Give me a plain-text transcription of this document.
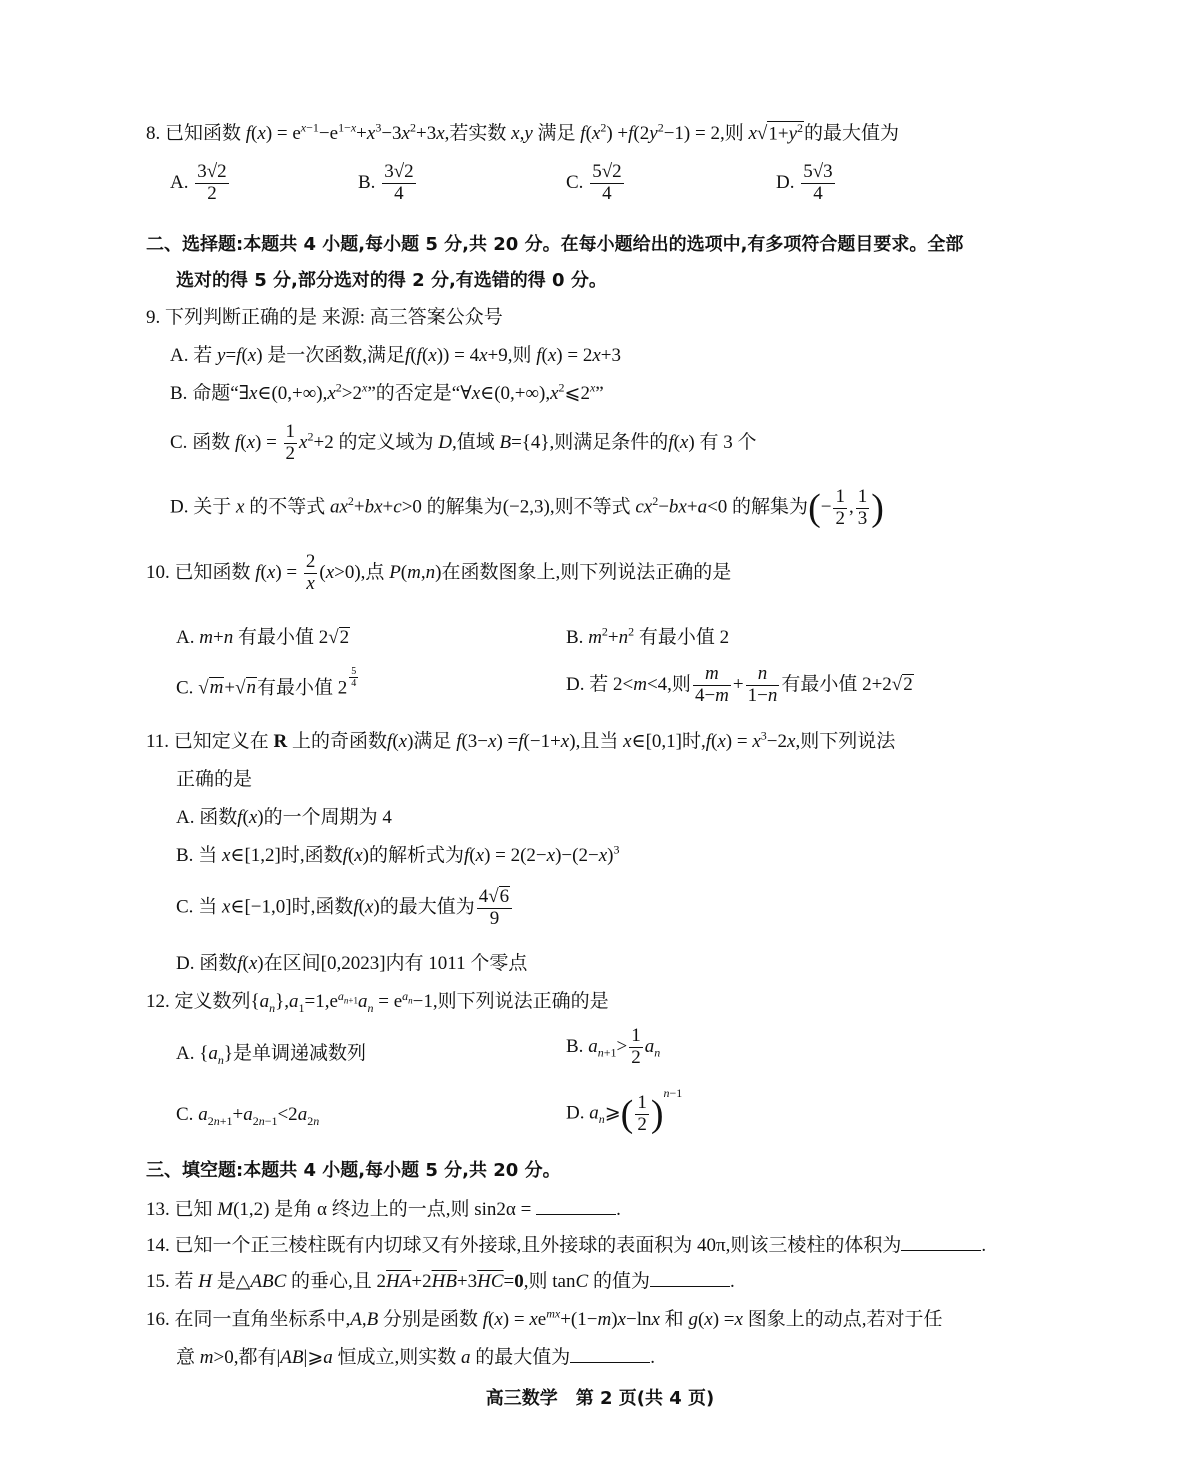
8. 已知函数 $f(x) = e^{x-1}-e^{1-x}+x^3-3x^2+3x$,若实数 x,y 满足 $f(x^2) +f(2y^2-1) = 2$,则 $x√1+y^2$的最大值为
A. $\frac{3√2}{2}$	B. $\frac{3√2}{4}$	C. $\frac{5√2}{4}$	D. $\frac{5√3}{4}$
二、选择题:本题共 4 小题,每小题 5 分,共 20 分。在每小题给出的选项中,有多项符合题目要求。全部
选对的得 5 分,部分选对的得 2 分,有选错的得 0 分。
9. 下列判断正确的是 来源: 高三答案公众号
A. 若 y=f(x) 是一次函数,满足f(f(x)) = 4x+9,则 f(x) = 2x+3
B. 命题“$\exists x\in(0,+\infty),x^2>2^x$”的否定是“$\forall x\in(0,+\infty),x^2⩽2^x$”
C. 函数 $f(x) = \frac{1}{2} x^2+2$ 的定义域为 D,值域 B={4},则满足条件的f(x) 有 3 个
D. 关于 x 的不等式 $ax^2+bx+c>0$ 的解集为(−2,3),则不等式 $cx^2-bx+a<0$ 的解集为(− $\frac{1}{2}$ , $\frac{1}{3}$ )
10. 已知函数 $f(x) = \frac{2}{x} (x>0)$,点 P(m,n)在函数图象上,则下列说法正确的是
A. m+n 有最小值 2√2	B. $m^2+n^2$ 有最小值 2
C. √m+√n有最小值 2 $^{\frac{5}{4}}$	D. 若 2<m<4,则 $\frac{m}{4-m} + \frac{n}{1-n}$ 有最小值 2+2√2
11. 已知定义在 R 上的奇函数f(x)满足 f(3−x) =f(−1+x),且当 x∈[0,1]时$,f(x) = x^3-2x$,则下列说法
正确的是
A. 函数f(x)的一个周期为 4
B. 当 x∈[1,2]时,函数f(x)的解析式为$f(x) = 2(2-x)-(2-x)^3$
C. 当 x∈[−1,0]时,函数f(x)的最大值为 $\frac{4√6}{9}$
D. 函数f(x)在区间[0,2023]内有 1011 个零点
12. 定义数列$\{a_n\},a_1=1,e^{a_{n+1}}a_n = e^{a_n}-1$,则下列说法正确的是
A. $\{a_n\}$是单调递减数列	B. $a_{n+1}> \frac{1}{2} a_n$
C. $a_{2n+1}+a_{2n-1}<2a_{2n}$	D. $a_n⩾( \frac{1}{2} )^{n-1}$
三、填空题:本题共 4 小题,每小题 5 分,共 20 分。
13. 已知 M(1,2) 是角 α 终边上的一点,则 sin2α =	.
14. 已知一个正三棱柱既有内切球又有外接球,且外接球的表面积为 40π,则该三棱柱的体积为	.
15. 若 H 是△ABC 的垂心,且 $2\overline{HA}+2\overline{HB}+3\overline{HC}=0$,则 tanC 的值为	.
16. 在同一直角坐标系中,A,B 分别是函数 $f(x) = xe^{mx}+(1-m)x-\ln x$ 和 g(x) =x 图象上的动点,若对于任
意 m>0,都有|AB|⩾a 恒成立,则实数 a 的最大值为	.
高三数学　第 2 页(共 4 页)
